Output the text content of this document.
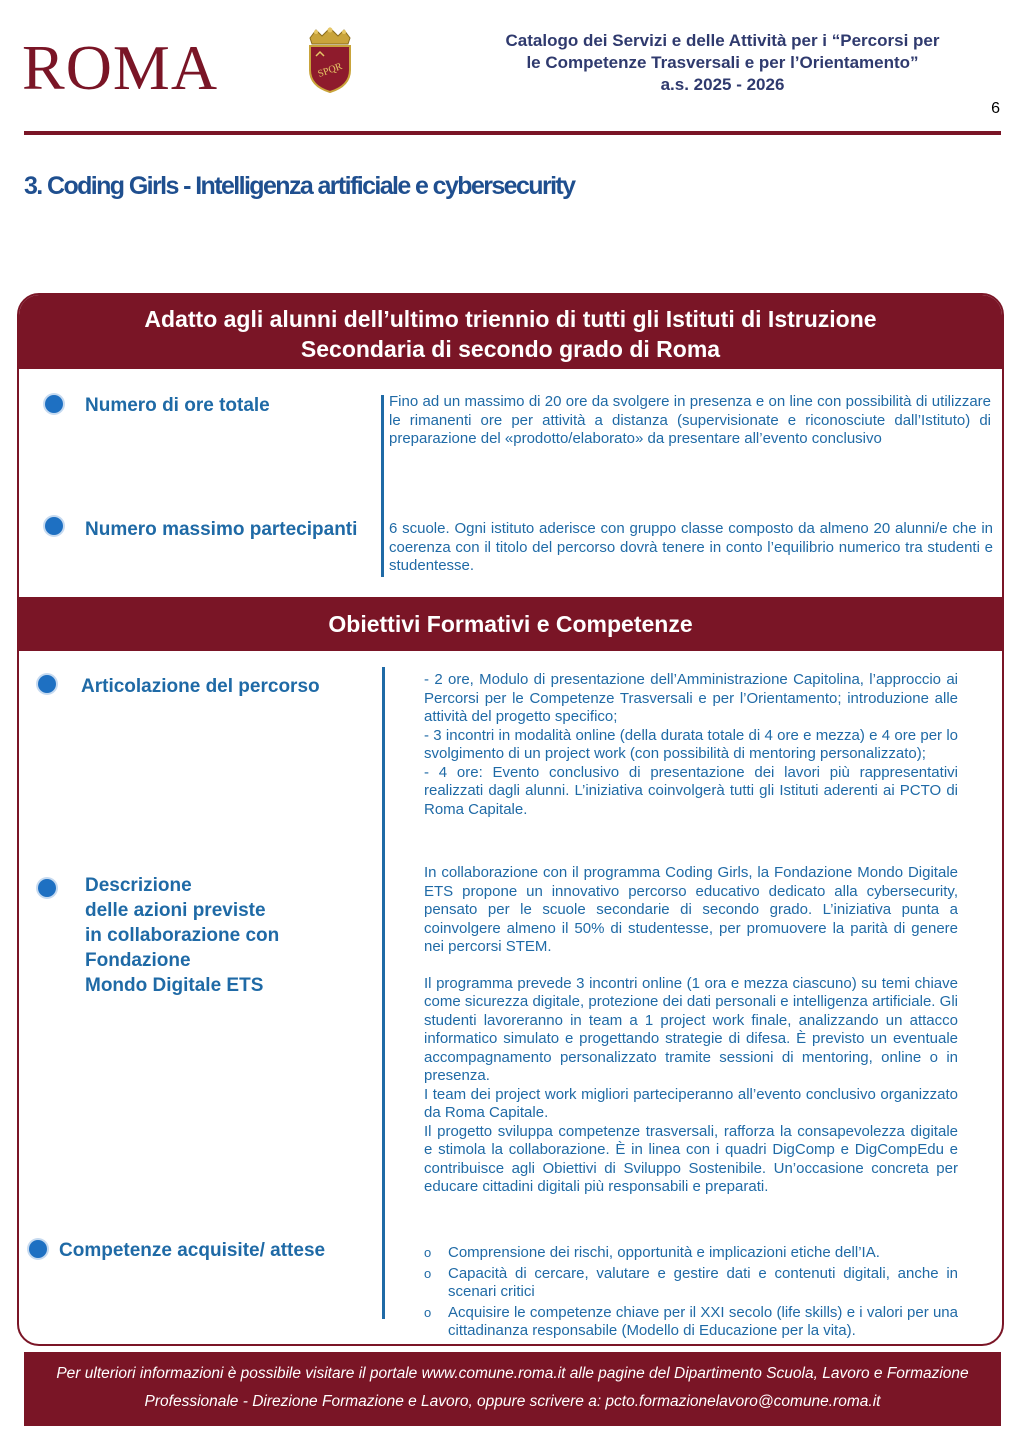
ROMA	SPQR
Catalogo dei Servizi e delle Attività per i “Percorsi per
le Competenze Trasversali e per l’Orientamento”
a.s. 2025 - 2026
6
3. Coding Girls - Intelligenza artificiale e cybersecurity
Adatto agli alunni dell’ultimo triennio di tutti gli Istituti di Istruzione
Secondaria di secondo grado di Roma
Numero di ore totale	Fino ad un massimo di 20 ore da svolgere in presenza e on line con possibilità di utilizzare le rimanenti ore per attività a distanza (supervisionate e riconosciute dall’Istituto) di preparazione del «prodotto/elaborato» da presentare all’evento conclusivo
Numero massimo partecipanti 6 scuole. Ogni istituto aderisce con gruppo classe composto da almeno 20 alunni/e che in coerenza con il titolo del percorso dovrà tenere in conto l’equilibrio numerico tra studenti e studentesse.
Obiettivi Formativi e Competenze
Articolazione del percorso	- 2 ore, Modulo di presentazione dell’Amministrazione Capitolina, l’approccio ai Percorsi per le Competenze Trasversali e per l’Orientamento; introduzione alle attività del progetto specifico;

- 3 incontri in modalità online (della durata totale di 4 ore e mezza) e 4 ore per lo svolgimento di un project work (con possibilità di mentoring personalizzato);

- 4 ore: Evento conclusivo di presentazione dei lavori più rappresentativi realizzati dagli alunni. L’iniziativa coinvolgerà tutti gli Istituti aderenti ai PCTO di Roma Capitale.

Descrizione
delle azioni previste
in collaborazione con
Fondazione
Mondo Digitale ETS

In collaborazione con il programma Coding Girls, la Fondazione Mondo Digitale ETS propone un innovativo percorso educativo dedicato alla cybersecurity, pensato per le scuole secondarie di secondo grado. L’iniziativa punta a coinvolgere almeno il 50% di studentesse, per promuovere la parità di genere nei percorsi STEM.

Il programma prevede 3 incontri online (1 ora e mezza ciascuno) su temi chiave come sicurezza digitale, protezione dei dati personali e intelligenza artificiale. Gli studenti lavoreranno in team a 1 project work finale, analizzando un attacco informatico simulato e progettando strategie di difesa. È previsto un eventuale accompagnamento personalizzato tramite sessioni di mentoring, online o in presenza.

I team dei project work migliori parteciperanno all’evento conclusivo organizzato da Roma Capitale.

Il progetto sviluppa competenze trasversali, rafforza la consapevolezza digitale e stimola la collaborazione. È in linea con i quadri DigComp e DigCompEdu e contribuisce agli Obiettivi di Sviluppo Sostenibile. Un’occasione concreta per educare cittadini digitali più responsabili e preparati.

Competenze acquisite/ attese	o Comprensione dei rischi, opportunità e implicazioni etiche dell’IA.
o Capacità di cercare, valutare e gestire dati e contenuti digitali, anche in scenari critici
o Acquisire le competenze chiave per il XXI secolo (life skills) e i valori per una cittadinanza responsabile (Modello di Educazione per la vita).
Per ulteriori informazioni è possibile visitare il portale www.comune.roma.it alle pagine del Dipartimento Scuola, Lavoro e Formazione
Professionale - Direzione Formazione e Lavoro, oppure scrivere a: pcto.formazionelavoro@comune.roma.it
